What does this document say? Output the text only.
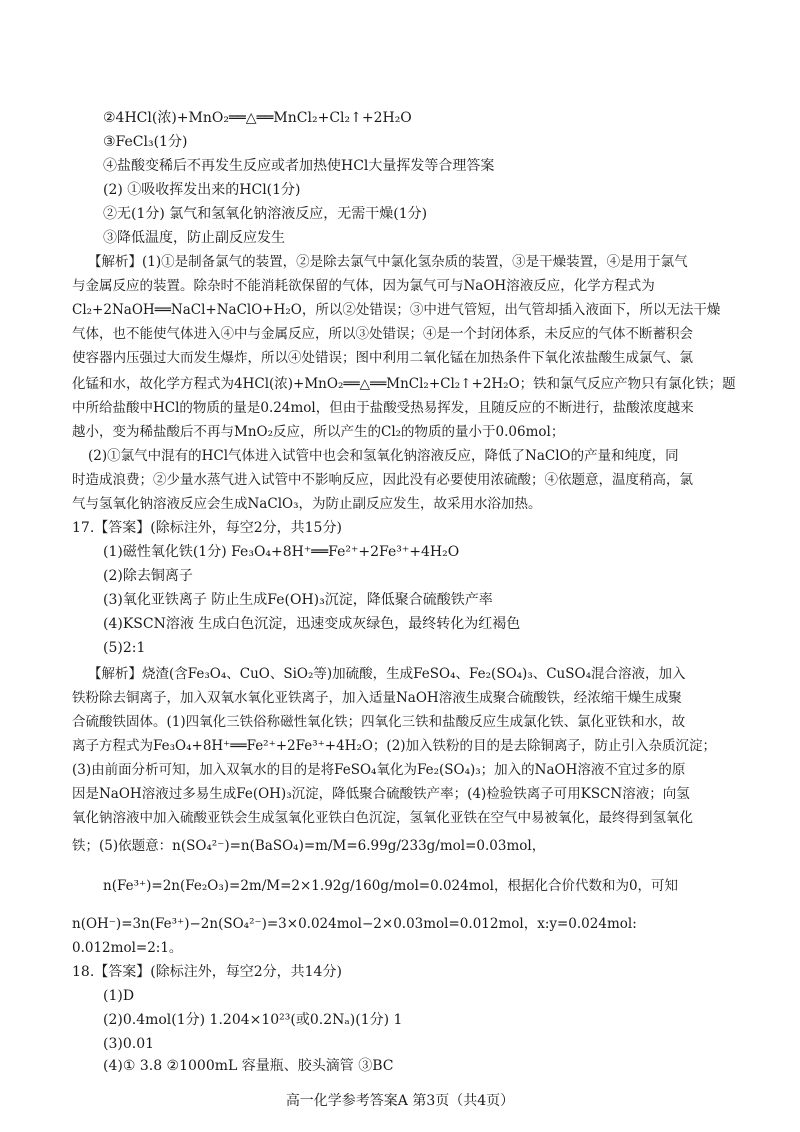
②4HCl(浓)+MnO₂══△══MnCl₂+Cl₂↑+2H₂O
③FeCl₃(1分)
④盐酸变稀后不再发生反应或者加热使HCl大量挥发等合理答案
(2) ①吸收挥发出来的HCl(1分)
②无(1分) 氯气和氢氧化钠溶液反应，无需干燥(1分)
③降低温度，防止副反应发生
【解析】(1)①是制备氯气的装置，②是除去氯气中氯化氢杂质的装置，③是干燥装置，④是用于氯气
与金属反应的装置。除杂时不能消耗欲保留的气体，因为氯气可与NaOH溶液反应，化学方程式为
Cl₂+2NaOH══NaCl+NaClO+H₂O，所以②处错误；③中进气管短，出气管却插入液面下，所以无法干燥
气体，也不能使气体进入④中与金属反应，所以③处错误；④是一个封闭体系，未反应的气体不断蓄积会
使容器内压强过大而发生爆炸，所以④处错误；图中利用二氧化锰在加热条件下氧化浓盐酸生成氯气、氯
化锰和水，故化学方程式为4HCl(浓)+MnO₂══△══MnCl₂+Cl₂↑+2H₂O；铁和氯气反应产物只有氯化铁；题
中所给盐酸中HCl的物质的量是0.24mol，但由于盐酸受热易挥发，且随反应的不断进行，盐酸浓度越来
越小，变为稀盐酸后不再与MnO₂反应，所以产生的Cl₂的物质的量小于0.06mol；
(2)①氯气中混有的HCl气体进入试管中也会和氢氧化钠溶液反应，降低了NaClO的产量和纯度，同
时造成浪费；②少量水蒸气进入试管中不影响反应，因此没有必要使用浓硫酸；④依题意，温度稍高，氯
气与氢氧化钠溶液反应会生成NaClO₃，为防止副反应发生，故采用水浴加热。
17.【答案】(除标注外，每空2分，共15分)
(1)磁性氧化铁(1分) Fe₃O₄+8H⁺══Fe²⁺+2Fe³⁺+4H₂O
(2)除去铜离子
(3)氧化亚铁离子 防止生成Fe(OH)₃沉淀，降低聚合硫酸铁产率
(4)KSCN溶液 生成白色沉淀，迅速变成灰绿色，最终转化为红褐色
(5)2:1
【解析】烧渣(含Fe₃O₄、CuO、SiO₂等)加硫酸，生成FeSO₄、Fe₂(SO₄)₃、CuSO₄混合溶液，加入
铁粉除去铜离子，加入双氧水氧化亚铁离子，加入适量NaOH溶液生成聚合硫酸铁，经浓缩干燥生成聚
合硫酸铁固体。(1)四氧化三铁俗称磁性氧化铁；四氧化三铁和盐酸反应生成氯化铁、氯化亚铁和水，故
离子方程式为Fe₃O₄+8H⁺══Fe²⁺+2Fe³⁺+4H₂O；(2)加入铁粉的目的是去除铜离子，防止引入杂质沉淀；
(3)由前面分析可知，加入双氧水的目的是将FeSO₄氧化为Fe₂(SO₄)₃；加入的NaOH溶液不宜过多的原
因是NaOH溶液过多易生成Fe(OH)₃沉淀，降低聚合硫酸铁产率；(4)检验铁离子可用KSCN溶液；向氢
氧化钠溶液中加入硫酸亚铁会生成氢氧化亚铁白色沉淀，氢氧化亚铁在空气中易被氧化，最终得到氢氧化
铁；(5)依题意：n(SO₄²⁻)=n(BaSO₄)=m/M=6.99g/233g/mol=0.03mol，
n(Fe³⁺)=2n(Fe₂O₃)=2m/M=2×1.92g/160g/mol=0.024mol，根据化合价代数和为0，可知
n(OH⁻)=3n(Fe³⁺)−2n(SO₄²⁻)=3×0.024mol−2×0.03mol=0.012mol，x:y=0.024mol:
0.012mol=2:1。
18.【答案】(除标注外，每空2分，共14分)
(1)D
(2)0.4mol(1分) 1.204×10²³(或0.2Nₐ)(1分) 1
(3)0.01
(4)① 3.8 ②1000mL 容量瓶、胶头滴管 ③BC
高一化学参考答案A 第3页（共4页）
